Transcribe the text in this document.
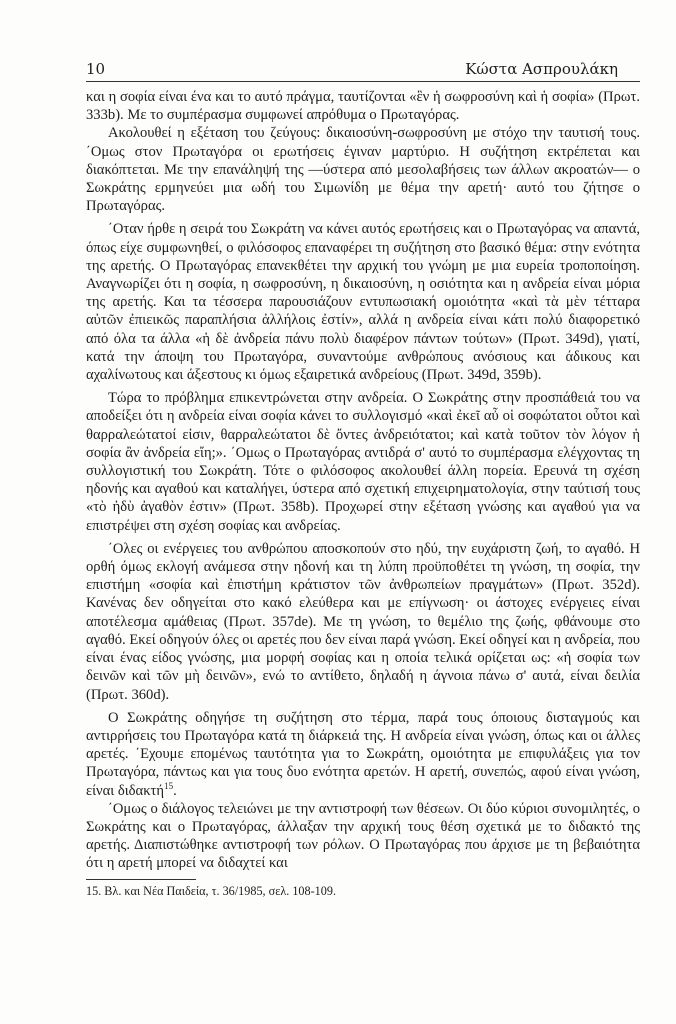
10	Κώστα Ασπρουλάκη

και η σοφία είναι ένα και το αυτό πράγμα, ταυτίζονται «ἓν ἡ σωφροσύνη καὶ ἡ σοφία» (Πρωτ. 333b). Με το συμπέρασμα συμφωνεί απρόθυμα ο Πρωταγόρας.

Ακολουθεί η εξέταση του ζεύγους: δικαιοσύνη-σωφροσύνη με στόχο την ταυτισή τους. ΄Ομως στον Πρωταγόρα οι ερωτήσεις έγιναν μαρτύριο. Η συζήτηση εκτρέπεται και διακόπτεται. Με την επανάληψή της —ύστερα από μεσολαβήσεις των άλλων ακροατών— ο Σωκράτης ερμηνεύει μια ωδή του Σιμωνίδη με θέμα την αρετή· αυτό του ζήτησε ο Πρωταγόρας.

΄Οταν ήρθε η σειρά του Σωκράτη να κάνει αυτός ερωτήσεις και ο Πρωταγόρας να απαντά, όπως είχε συμφωνηθεί, ο φιλόσοφος επαναφέρει τη συζήτηση στο βασικό θέμα: στην ενότητα της αρετής. Ο Πρωταγόρας επανεκθέτει την αρχική του γνώμη με μια ευρεία τροποποίηση. Αναγνωρίζει ότι η σοφία, η σωφροσύνη, η δικαιοσύνη, η οσιότητα και η ανδρεία είναι μόρια της αρετής. Και τα τέσσερα παρουσιάζουν εντυπωσιακή ομοιότητα «καὶ τὰ μὲν τέτταρα αὐτῶν ἐπιεικῶς παραπλήσια ἀλλήλοις ἐστίν», αλλά η ανδρεία είναι κάτι πολύ διαφορετικό από όλα τα άλλα «ἡ δὲ ἀνδρεία πάνυ πολὺ διαφέρον πάντων τούτων» (Πρωτ. 349d), γιατί, κατά την άποψη του Πρωταγόρα, συναντούμε ανθρώπους ανόσιους και άδικους και αχαλίνωτους και άξεστους κι όμως εξαιρετικά ανδρείους (Πρωτ. 349d, 359b).

Τώρα το πρόβλημα επικεντρώνεται στην ανδρεία. Ο Σωκράτης στην προσπάθειά του να αποδείξει ότι η ανδρεία είναι σοφία κάνει το συλλογισμό «καὶ ἐκεῖ αὖ οἱ σοφώτατοι οὗτοι καὶ θαρραλεώτατοί εἰσιν, θαρραλεώτατοι δὲ ὄντες ἀνδρειότατοι; καὶ κατὰ τοῦτον τὸν λόγον ἡ σοφία ἂν ἀνδρεία εἴη;». ΄Ομως ο Πρωταγόρας αντιδρά σ' αυτό το συμπέρασμα ελέγχοντας τη συλλογιστική του Σωκράτη. Τότε ο φιλόσοφος ακολουθεί άλλη πορεία. Ερευνά τη σχέση ηδονής και αγαθού και καταλήγει, ύστερα από σχετική επιχειρηματολογία, στην ταύτισή τους «τὸ ἡδὺ ἀγαθὸν ἐστιν» (Πρωτ. 358b). Προχωρεί στην εξέταση γνώσης και αγαθού για να επιστρέψει στη σχέση σοφίας και ανδρείας.

΄Ολες οι ενέργειες του ανθρώπου αποσκοπούν στο ηδύ, την ευχάριστη ζωή, το αγαθό. Η ορθή όμως εκλογή ανάμεσα στην ηδονή και τη λύπη προϋποθέτει τη γνώση, τη σοφία, την επιστήμη «σοφία καὶ ἐπιστήμη κράτιστον τῶν ἀνθρωπείων πραγμάτων» (Πρωτ. 352d). Κανένας δεν οδηγείται στο κακό ελεύθερα και με επίγνωση· οι άστοχες ενέργειες είναι αποτέλεσμα αμάθειας (Πρωτ. 357de). Με τη γνώση, το θεμέλιο της ζωής, φθάνουμε στο αγαθό. Εκεί οδηγούν όλες οι αρετές που δεν είναι παρά γνώση. Εκεί οδηγεί και η ανδρεία, που είναι ένας είδος γνώσης, μια μορφή σοφίας και η οποία τελικά ορίζεται ως: «ἡ σοφία των δεινῶν καὶ τῶν μὴ δεινῶν», ενώ το αντίθετο, δηλαδή η άγνοια πάνω σ' αυτά, είναι δειλία (Πρωτ. 360d).

Ο Σωκράτης οδηγήσε τη συζήτηση στο τέρμα, παρά τους όποιους δισταγμούς και αντιρρήσεις του Πρωταγόρα κατά τη διάρκειά της. Η ανδρεία είναι γνώση, όπως και οι άλλες αρετές. ΄Εχουμε επομένως ταυτότητα για το Σωκράτη, ομοιότητα με επιφυλάξεις για τον Πρωταγόρα, πάντως και για τους δυο ενότητα αρετών. Η αρετή, συνεπώς, αφού είναι γνώση, είναι διδακτή$^{15}$.

΄Ομως ο διάλογος τελειώνει με την αντιστροφή των θέσεων. Οι δύο κύριοι συνομιλητές, ο Σωκράτης και ο Πρωταγόρας, άλλαξαν την αρχική τους θέση σχετικά με το διδακτό της αρετής. Διαπιστώθηκε αντιστροφή των ρόλων. Ο Πρωταγόρας που άρχισε με τη βεβαιότητα ότι η αρετή μπορεί να διδαχτεί και

15. Βλ. και Νέα Παιδεία, τ. 36/1985, σελ. 108-109.
